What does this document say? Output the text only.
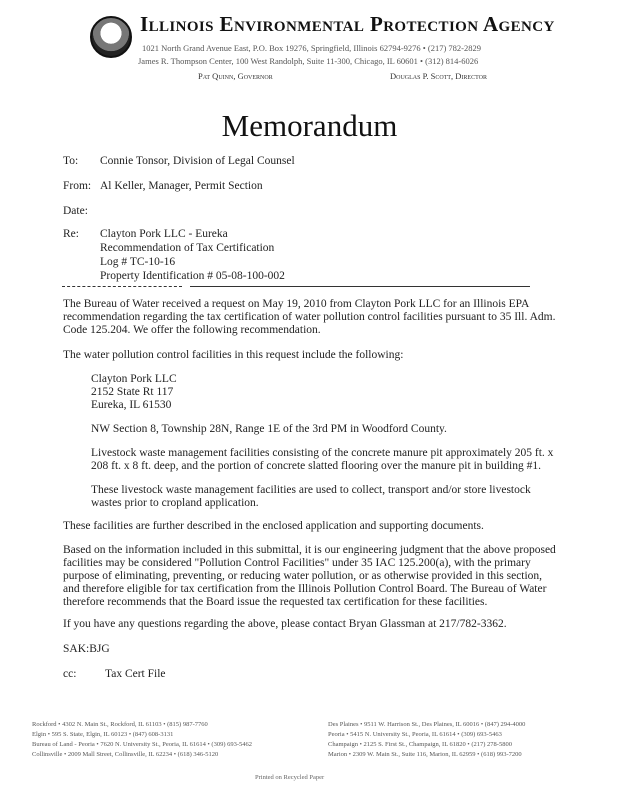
Illinois Environmental Protection Agency
1021 North Grand Avenue East, P.O. Box 19276, Springfield, Illinois 62794-9276 • (217) 782-2829
James R. Thompson Center, 100 West Randolph, Suite 11-300, Chicago, IL 60601 • (312) 814-6026
Pat Quinn, Governor	Douglas P. Scott, Director
Memorandum
To: Connie Tonsor, Division of Legal Counsel
From: Al Keller, Manager, Permit Section
Date:
Re: Clayton Pork LLC - Eureka
Recommendation of Tax Certification
Log # TC-10-16
Property Identification # 05-08-100-002
The Bureau of Water received a request on May 19, 2010 from Clayton Pork LLC for an Illinois EPA recommendation regarding the tax certification of water pollution control facilities pursuant to 35 Ill. Adm. Code 125.204. We offer the following recommendation.
The water pollution control facilities in this request include the following:
Clayton Pork LLC
2152 State Rt 117
Eureka, IL 61530
NW Section 8, Township 28N, Range 1E of the 3rd PM in Woodford County.
Livestock waste management facilities consisting of the concrete manure pit approximately 205 ft. x 208 ft. x 8 ft. deep, and the portion of concrete slatted flooring over the manure pit in building #1.
These livestock waste management facilities are used to collect, transport and/or store livestock wastes prior to cropland application.
These facilities are further described in the enclosed application and supporting documents.
Based on the information included in this submittal, it is our engineering judgment that the above proposed facilities may be considered "Pollution Control Facilities" under 35 IAC 125.200(a), with the primary purpose of eliminating, preventing, or reducing water pollution, or as otherwise provided in this section, and therefore eligible for tax certification from the Illinois Pollution Control Board. The Bureau of Water therefore recommends that the Board issue the requested tax certification for these facilities.
If you have any questions regarding the above, please contact Bryan Glassman at 217/782-3362.
SAK:BJG
cc: Tax Cert File
Rockford • 4302 N. Main St., Rockford, IL 61103 • (815) 987-7760
Elgin • 595 S. State, Elgin, IL 60123 • (847) 608-3131
Bureau of Land - Peoria • 7620 N. University St., Peoria, IL 61614 • (309) 693-5462
Collinsville • 2009 Mall Street, Collinsville, IL 62234 • (618) 346-5120
Des Plaines • 9511 W. Harrison St., Des Plaines, IL 60016 • (847) 294-4000
Peoria • 5415 N. University St., Peoria, IL 61614 • (309) 693-5463
Champaign • 2125 S. First St., Champaign, IL 61820 • (217) 278-5800
Marion • 2309 W. Main St., Suite 116, Marion, IL 62959 • (618) 993-7200
Printed on Recycled Paper
